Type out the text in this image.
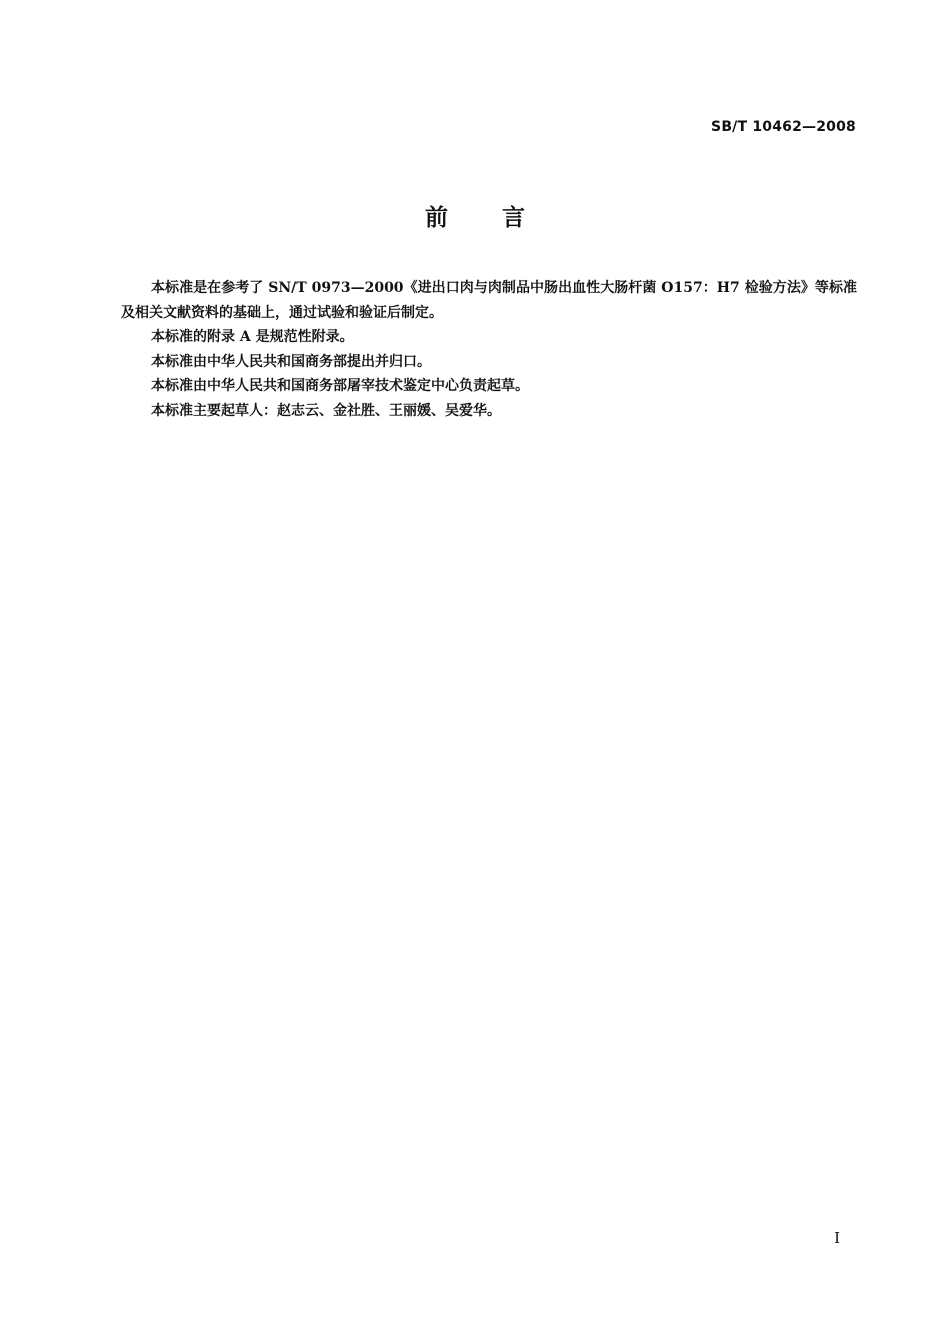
SB/T 10462—2008
前言

本标准是在参考了 SN/T 0973—2000《进出口肉与肉制品中肠出血性大肠杆菌 O157：H7 检验方法》等标准及相关文献资料的基础上，通过试验和验证后制定。

本标准的附录 A 是规范性附录。

本标准由中华人民共和国商务部提出并归口。

本标准由中华人民共和国商务部屠宰技术鉴定中心负责起草。

本标准主要起草人：赵志云、金社胜、王丽媛、吴爱华。

I
